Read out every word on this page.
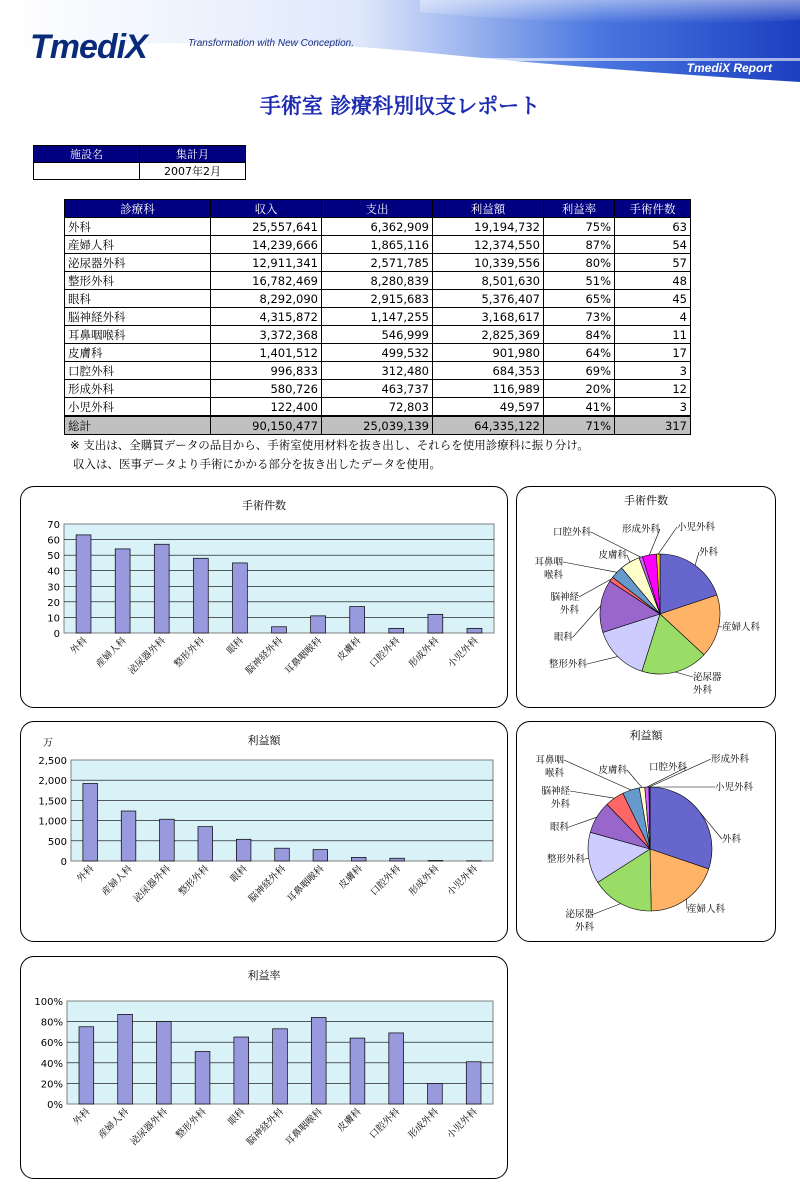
TmediX	Transformation with New Conception.
TmediX Report
手術室 診療科別収支レポート
施設名	集計月
	2007年2月
診療科	収入	支出	利益額	利益率	手術件数
外科	25,557,641	6,362,909	19,194,732	75%	63
産婦人科	14,239,666	1,865,116	12,374,550	87%	54
泌尿器外科	12,911,341	2,571,785	10,339,556	80%	57
整形外科	16,782,469	8,280,839	8,501,630	51%	48
眼科	8,292,090	2,915,683	5,376,407	65%	45
脳神経外科	4,315,872	1,147,255	3,168,617	73%	4
耳鼻咽喉科	3,372,368	546,999	2,825,369	84%	11
皮膚科	1,401,512	499,532	901,980	64%	17
口腔外科	996,833	312,480	684,353	69%	3
形成外科	580,726	463,737	116,989	20%	12
小児外科	122,400	72,803	49,597	41%	3
総計	90,150,477	25,039,139	64,335,122	71%	317
※ 支出は、全購買データの品目から、手術室使用材料を抜き出し、それらを使用診療科に振り分け。
収入は、医事データより手術にかかる部分を抜き出したデータを使用。
手術件数
0
10
20
30
40
50
60
70
外科 産婦人科
泌尿器外科 整形外科 眼科
脳神経外科
耳鼻咽喉科 皮膚科 口腔外科 形成外科 小児外科
手術件数
外科
産婦人科
泌尿器外科
整形外科
眼科
脳神経外科
耳鼻咽喉科
皮膚科
口腔外科	形成外科 小児外科
利益額
万
0
500
1,000
1,500
2,000
2,500
外科 産婦人科
泌尿器外科 整形外科 眼科
脳神経外科
耳鼻咽喉科 皮膚科 口腔外科 形成外科 小児外科
利益額
外科
産婦人科
泌尿器外科
整形外科
眼科
脳神経外科
耳鼻咽喉科	皮膚科 口腔外科
形成外科
小児外科
利益率
0%
20%
40%
60%
80%
100%
外科 産婦人科
泌尿器外科 整形外科 眼科
脳神経外科
耳鼻咽喉科 皮膚科 口腔外科 形成外科 小児外科
